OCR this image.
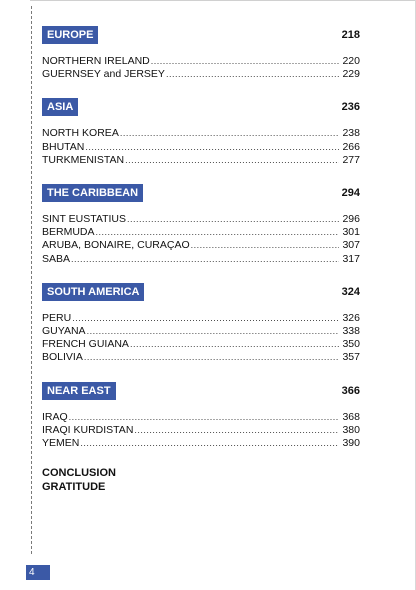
EUROPE	218
NORTHERN IRELAND .....	220
GUERNSEY and JERSEY .....	229
ASIA	236
NORTH KOREA .....	238
BHUTAN .....	266
TURKMENISTAN .....	277
THE CARIBBEAN	294
SINT EUSTATIUS .....	296
BERMUDA .....	301
ARUBA, BONAIRE, CURAÇAO .....	307
SABA .....	317
SOUTH AMERICA	324
PERU .....	326
GUYANA .....	338
FRENCH GUIANA .....	350
BOLIVIA .....	357
NEAR EAST	366
IRAQ .....	368
IRAQI KURDISTAN .....	380
YEMEN .....	390
CONCLUSION
GRATITUDE
4
